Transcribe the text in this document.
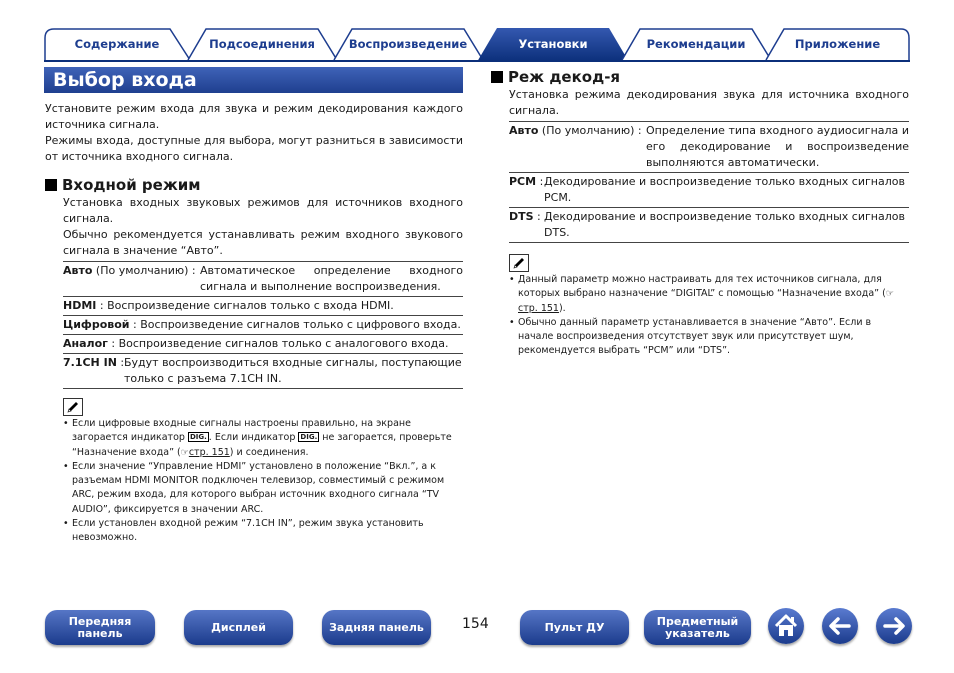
Содержание	Подсоединения	Воспроизведение	Установки	Рекомендации	Приложение
Выбор входа
Установите режим входа для звука и режим декодирования каждого источника сигнала.
Режимы входа, доступные для выбора, могут разниться в зависимости от источника входного сигнала.
Входной режим
Установка входных звуковых режимов для источников входного сигнала.
Обычно рекомендуется устанавливать режим входного звукового сигнала в значение “Авто”.
Авто (По умолчанию) : Автоматическое определение входного сигнала и выполнение воспроизведения.
HDMI : Воспроизведение сигналов только с входа HDMI.
Цифровой : Воспроизведение сигналов только с цифрового входа.
Аналог : Воспроизведение сигналов только с аналогового входа.
7.1CH IN : Будут воспроизводиться входные сигналы, поступающие только с разъема 7.1CH IN.
• Если цифровые входные сигналы настроены правильно, на экране загорается индикатор DIG. . Если индикатор DIG. не загорается, проверьте “Назначение входа” (☞стр. 151) и соединения.
• Если значение “Управление HDMI” установлено в положение “Вкл.”, а к разъемам HDMI MONITOR подключен телевизор, совместимый с режимом ARC, режим входа, для которого выбран источник входного сигнала “TV AUDIO”, фиксируется в значении ARC.
• Если установлен входной режим “7.1CH IN”, режим звука установить невозможно.
Реж декод-я
Установка режима декодирования звука для источника входного сигнала.
Авто (По умолчанию) : Определение типа входного аудиосигнала и его декодирование и воспроизведение выполняются автоматически.
PCM : Декодирование и воспроизведение только входных сигналов PCM.
DTS : Декодирование и воспроизведение только входных сигналов DTS.
• Данный параметр можно настраивать для тех источников сигнала, для которых выбрано назначение “DIGITAL” с помощью “Назначение входа” (☞стр. 151).
• Обычно данный параметр устанавливается в значение “Авто”. Если в начале воспроизведения отсутствует звук или присутствует шум, рекомендуется выбрать “PCM” или “DTS”.
Передняя панель	Дисплей	Задняя панель	154	Пульт ДУ	Предметный указатель
